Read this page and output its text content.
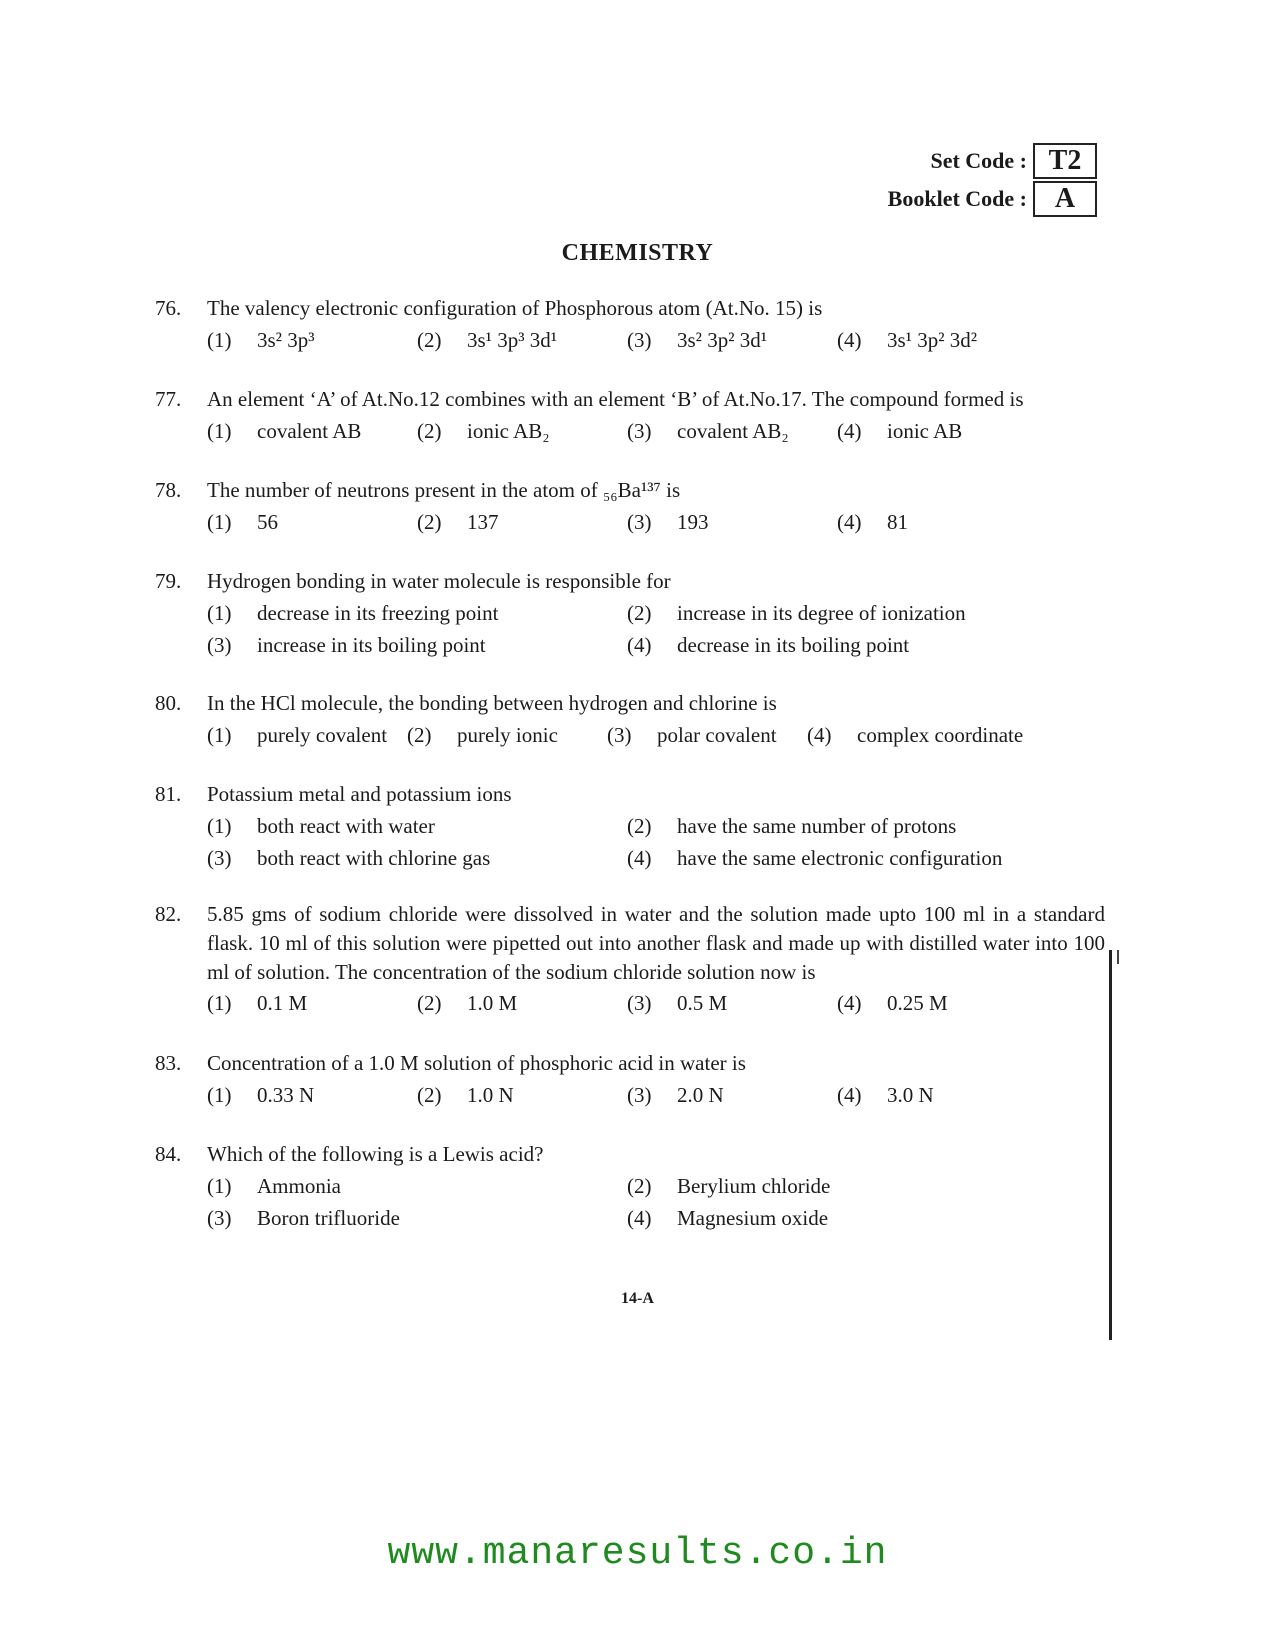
Set Code : T2
Booklet Code : A
CHEMISTRY
76.	The valency electronic configuration of Phosphorous atom (At.No. 15) is
(1)	3s² 3p³	(2)	3s¹ 3p³ 3d¹	(3)	3s² 3p² 3d¹	(4)	3s¹ 3p² 3d²
77.	An element ‘A’ of At.No.12 combines with an element ‘B’ of At.No.17. The compound formed is
(1)	covalent AB	(2)	ionic AB₂	(3)	covalent AB₂ (4)	ionic AB
78.	The number of neutrons present in the atom of ₅₆Ba¹³⁷ is
(1)	56	(2)	137	(3)	193	(4)	81
79.	Hydrogen bonding in water molecule is responsible for
(1)	decrease in its freezing point	(2)	increase in its degree of ionization
(3)	increase in its boiling point	(4)	decrease in its boiling point
80.	In the HCl molecule, the bonding between hydrogen and chlorine is
(1)	purely covalent (2)	purely ionic (3)	polar covalent (4)	complex coordinate
81.	Potassium metal and potassium ions
(1)	both react with water	(2)	have the same number of protons
(3)	both react with chlorine gas	(4)	have the same electronic configuration
82.	5.85 gms of sodium chloride were dissolved in water and the solution made upto 100 ml in a standard flask. 10 ml of this solution were pipetted out into another flask and made up with distilled water into 100 ml of solution. The concentration of the sodium chloride solution now is
(1)	0.1 M	(2)	1.0 M	(3)	0.5 M	(4)	0.25 M
83.	Concentration of a 1.0 M solution of phosphoric acid in water is
(1)	0.33 N	(2)	1.0 N	(3)	2.0 N	(4)	3.0 N
84.	Which of the following is a Lewis acid?
(1)	Ammonia	(2)	Berylium chloride
(3)	Boron trifluoride	(4)	Magnesium oxide
14-A
www.manaresults.co.in
